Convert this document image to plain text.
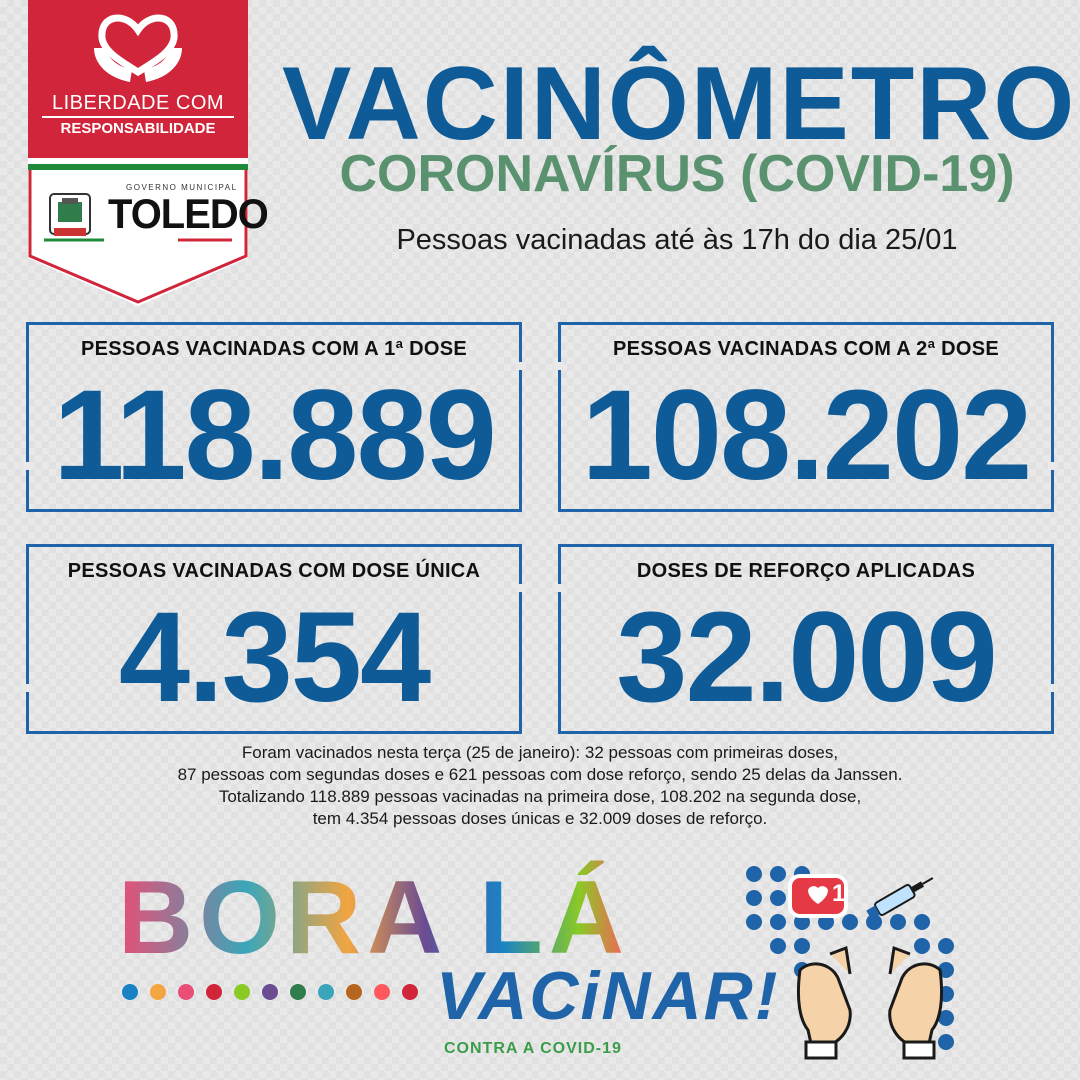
LIBERDADE COM
RESPONSABILIDADE
GOVERNO MUNICIPAL
TOLEDO
VACINÔMETRO
CORONAVÍRUS (COVID-19)
Pessoas vacinadas até às 17h do dia 25/01
PESSOAS VACINADAS COM A 1ª DOSE
118.889
PESSOAS VACINADAS COM A 2ª DOSE
108.202
PESSOAS VACINADAS COM DOSE ÚNICA
4.354
DOSES DE REFORÇO APLICADAS
32.009
Foram vacinados nesta terça (25 de janeiro): 32 pessoas com primeiras doses,
87 pessoas com segundas doses e 621 pessoas com dose reforço, sendo 25 delas da Janssen.
Totalizando 118.889 pessoas vacinadas na primeira dose, 108.202 na segunda dose,
tem 4.354 pessoas doses únicas e 32.009 doses de reforço.
BORA LÁ
VACiNAR!
CONTRA A COVID-19
1
